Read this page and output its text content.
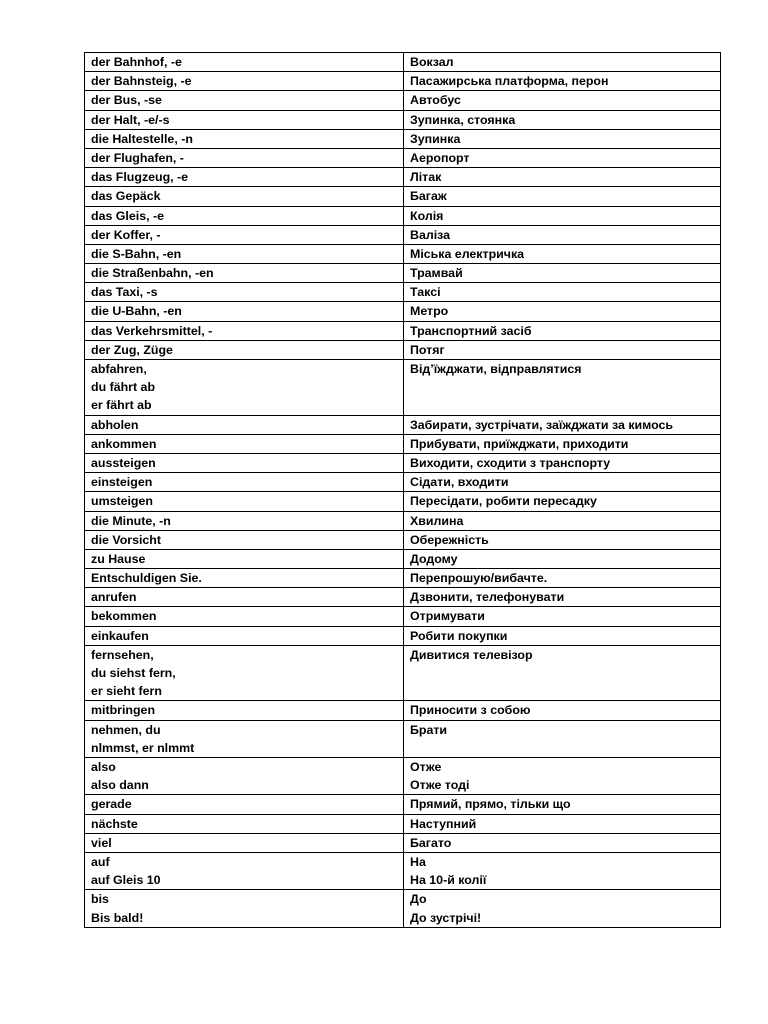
der Bahnhof, -e	Вокзал

der Bahnsteig, -e	Пасажирська платформа, перон

der Bus, -se	Автобус

der Halt, -e/-s	Зупинка, стоянка

die Haltestelle, -n	Зупинка

der Flughafen, -	Аеропорт

das Flugzeug, -e	Літак

das Gepäck	Багаж

das Gleis, -e	Колія

der Koffer, -	Валіза

die S-Bahn, -en	Міська електричка

die Straßenbahn, -en	Трамвай

das Taxi, -s	Таксі

die U-Bahn, -en	Метро

das Verkehrsmittel, -	Транспортний засіб

der Zug, Züge	Потяг

abfahren,
du fährt ab
er fährt ab	Від’їжджати, відправлятися

abholen	Забирати, зустрічати, заїжджати за кимось

ankommen	Прибувати, приїжджати, приходити

aussteigen	Виходити, сходити з транспорту

einsteigen	Сідати, входити

umsteigen	Пересідати, робити пересадку

die Minute, -n	Хвилина

die Vorsicht	Обережність

zu Hause	Додому

Entschuldigen Sie.	Перепрошую/вибачте.

anrufen	Дзвонити, телефонувати

bekommen	Отримувати

einkaufen	Робити покупки

fernsehen,
du siehst fern,
er sieht fern	Дивитися телевізор

mitbringen	Приносити з собою

nehmen, du
nlmmst, er nlmmt	Брати

also
also dann	Отже
Отже тоді

gerade	Прямий, прямо, тільки що

nächste	Наступний

viel	Багато

auf
auf Gleis 10	На
На 10-й колії

bis
Bis bald!	До
До зустрічі!
